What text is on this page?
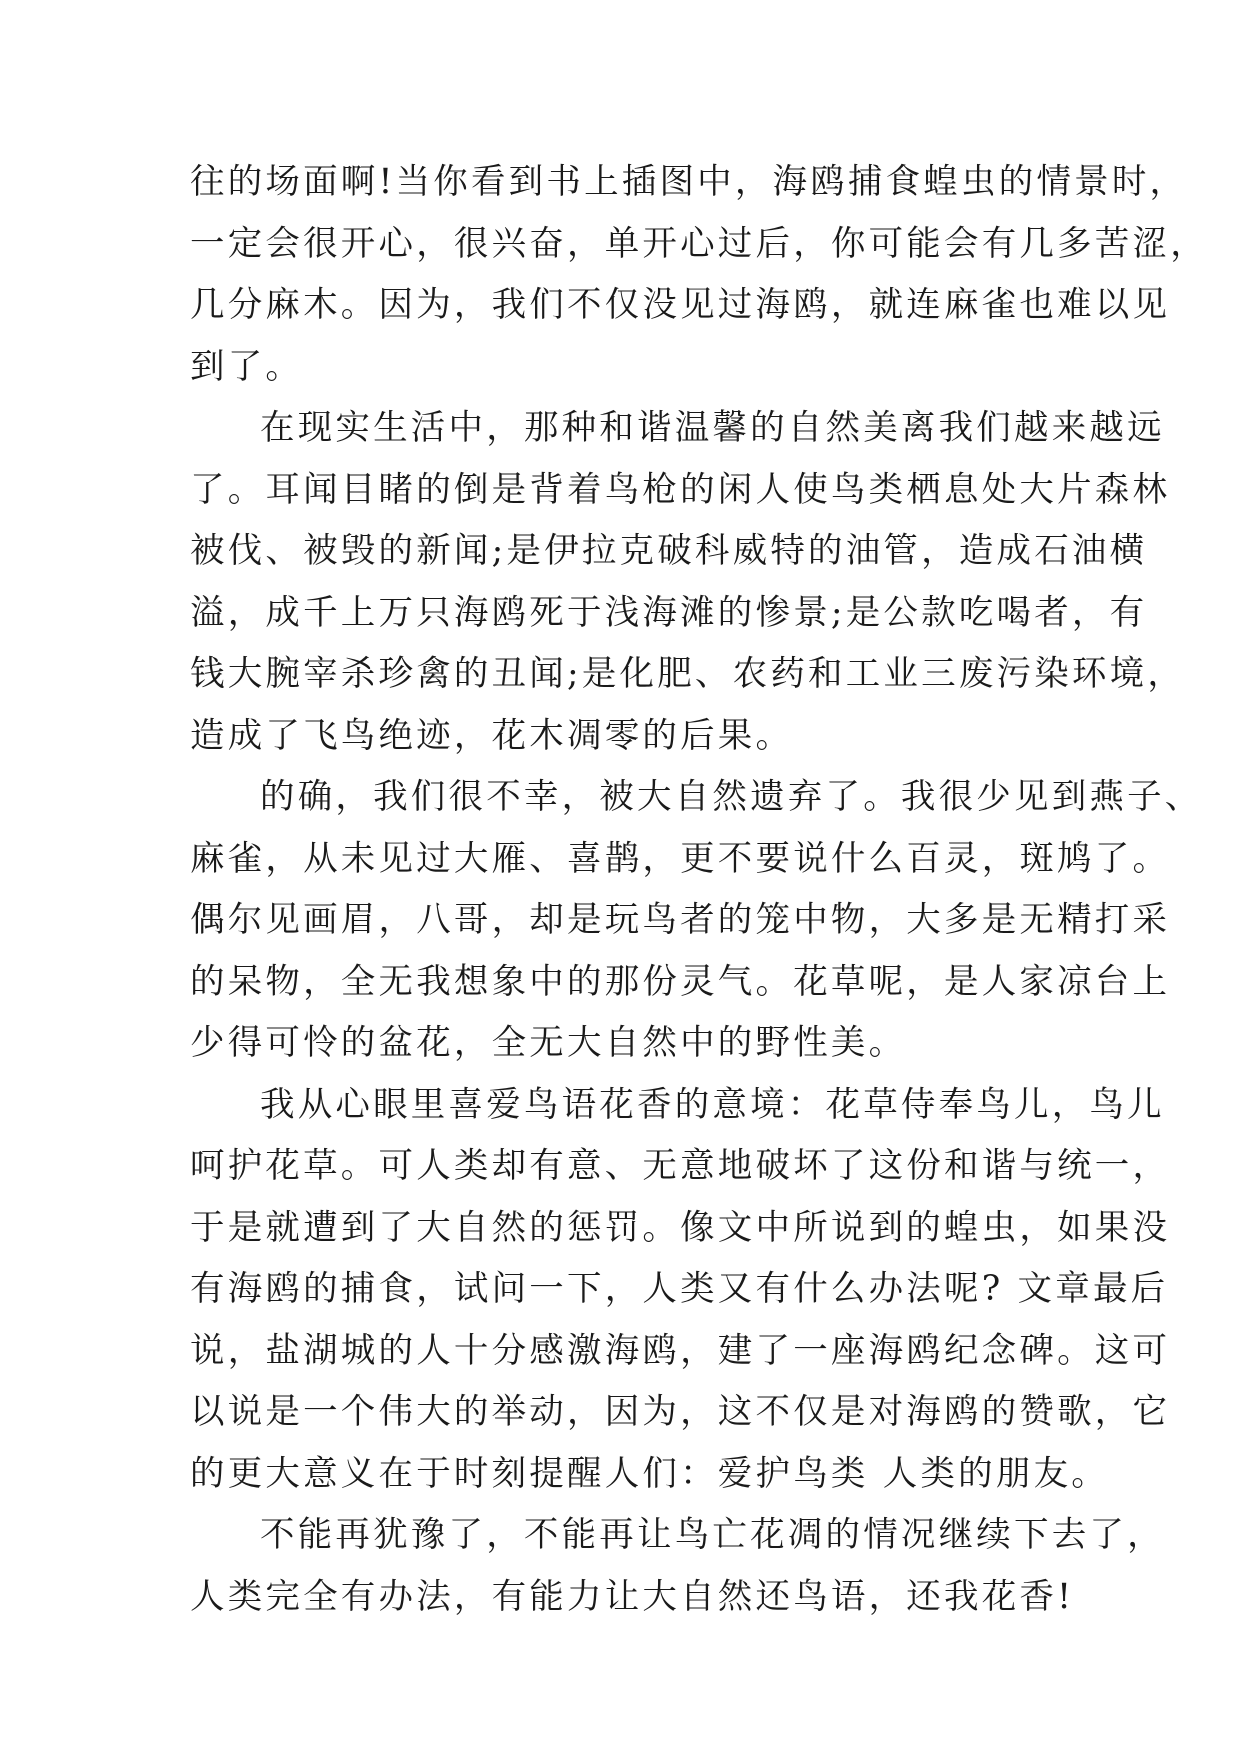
往的场面啊!当你看到书上插图中，海鸥捕食蝗虫的情景时，
一定会很开心，很兴奋，单开心过后，你可能会有几多苦涩，
几分麻木。因为，我们不仅没见过海鸥，就连麻雀也难以见
到了。
在现实生活中，那种和谐温馨的自然美离我们越来越远
了。耳闻目睹的倒是背着鸟枪的闲人使鸟类栖息处大片森林
被伐、被毁的新闻;是伊拉克破科威特的油管，造成石油横
溢，成千上万只海鸥死于浅海滩的惨景;是公款吃喝者，有
钱大腕宰杀珍禽的丑闻;是化肥、农药和工业三废污染环境，
造成了飞鸟绝迹，花木凋零的后果。
的确，我们很不幸，被大自然遗弃了。我很少见到燕子、
麻雀，从未见过大雁、喜鹊，更不要说什么百灵，斑鸠了。
偶尔见画眉，八哥，却是玩鸟者的笼中物，大多是无精打采
的呆物，全无我想象中的那份灵气。花草呢，是人家凉台上
少得可怜的盆花，全无大自然中的野性美。
我从心眼里喜爱鸟语花香的意境：花草侍奉鸟儿，鸟儿
呵护花草。可人类却有意、无意地破坏了这份和谐与统一，
于是就遭到了大自然的惩罚。像文中所说到的蝗虫，如果没
有海鸥的捕食，试问一下，人类又有什么办法呢? 文章最后
说，盐湖城的人十分感激海鸥，建了一座海鸥纪念碑。这可
以说是一个伟大的举动，因为，这不仅是对海鸥的赞歌，它
的更大意义在于时刻提醒人们：爱护鸟类 人类的朋友。
不能再犹豫了，不能再让鸟亡花凋的情况继续下去了，
人类完全有办法，有能力让大自然还鸟语，还我花香!
